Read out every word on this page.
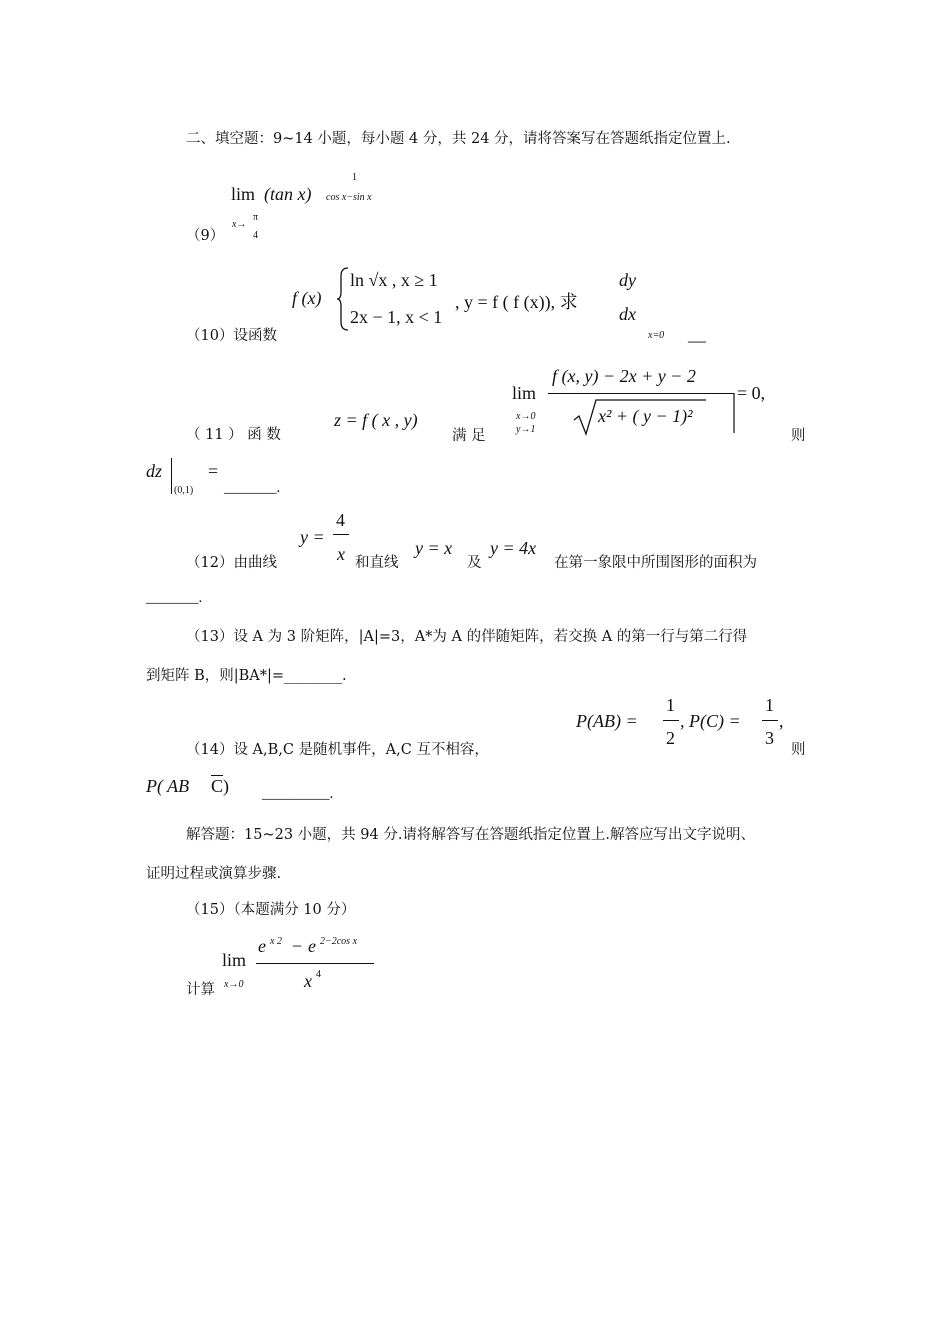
二、填空题：9~14 小题，每小题 4 分，共 24 分，请将答案写在答题纸指定位置上.
（9）
lim (tan x)
1
cos x−sin x
x→
π
4
（10）设函数
f (x)
ln √x , x ≥ 1
2x − 1, x < 1
, y = f ( f (x)), 求
dy
dx
x=0 __
（ 11 ） 函 数
z = f ( x , y)
满 足
lim
x→0
y→1
f (x, y) − 2x + y − 2
x² + ( y − 1)²
= 0,
则
dz
(0,1)
=
_______.
（12）由曲线
y =
4
x 和直线
y = x
及
y = 4x
在第一象限中所围图形的面积为
_______.
（13）设 A 为 3 阶矩阵，|A|=3，A*为 A 的伴随矩阵，若交换 A 的第一行与第二行得
到矩阵 B，则|BA*|=________.
（14）设 A,B,C 是随机事件，A,C 互不相容，
P(AB) =
1
2
, P(C) =
1
3
,
则
P( AB $\overline{C}$ ) _________.
解答题：15~23 小题，共 94 分.请将解答写在答题纸指定位置上.解答应写出文字说明、
证明过程或演算步骤.
（15）（本题满分 10 分）
计算
lim
x→0
e x 2 − e 2−2cos x
x 4
